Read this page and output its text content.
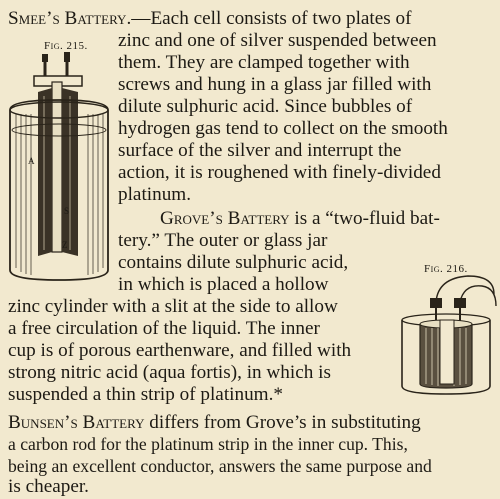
Fig. 215.
A
S
Z
Fig. 216.
Smee’s Battery.—Each cell consists of two plates of
zinc and one of silver suspended between
them. They are clamped together with
screws and hung in a glass jar filled with
dilute sulphuric acid. Since bubbles of
hydrogen gas tend to collect on the smooth
surface of the silver and interrupt the
action, it is roughened with finely-divided
platinum.
Grove’s Battery is a “two-fluid bat-
tery.” The outer or glass jar
contains dilute sulphuric acid,
in which is placed a hollow
zinc cylinder with a slit at the side to allow
a free circulation of the liquid. The inner
cup is of porous earthenware, and filled with
strong nitric acid (aqua fortis), in which is
suspended a thin strip of platinum.*
Bunsen’s Battery differs from Grove’s in substituting
a carbon rod for the platinum strip in the inner cup. This,
being an excellent conductor, answers the same purpose and
is cheaper.
